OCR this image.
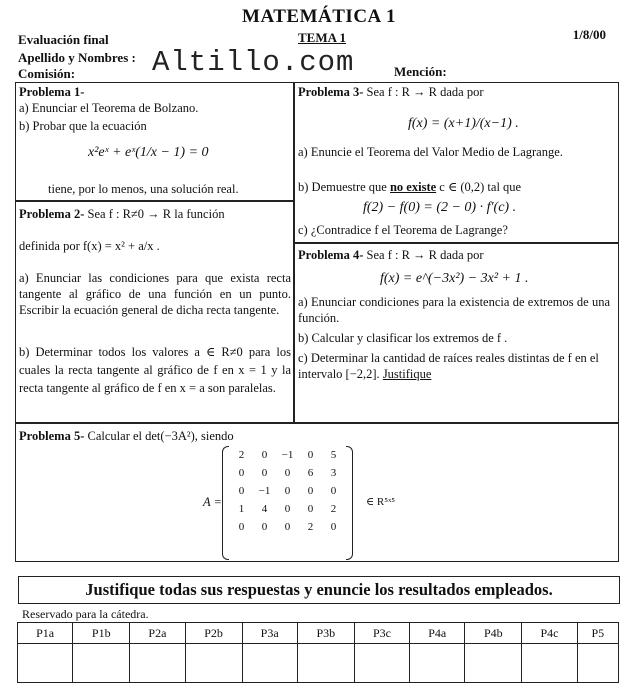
MATEMÁTICA 1
1/8/00
Evaluación final	TEMA 1
Apellido y Nombres :
Comisión:	Altillo.com	Mención:
Problema 1-
a) Enunciar el Teorema de Bolzano.
b) Probar que la ecuación
x²eˣ + eˣ(1/x − 1) = 0
tiene, por lo menos, una solución real.
Problema 2- Sea f : R≠0 → R la función
definida por f(x) = x² + a/x .
a) Enunciar las condiciones para que exista recta tangente al gráfico de una función en un punto. Escribir la ecuación general de dicha recta tangente.
b) Determinar todos los valores a ∈ R≠0 para los cuales la recta tangente al gráfico de f en x = 1 y la recta tangente al gráfico de f en x = a son paralelas.
Problema 3- Sea f : R → R dada por
f(x) = (x+1)/(x−1) .
a) Enuncie el Teorema del Valor Medio de Lagrange.
b) Demuestre que no existe c ∈ (0,2) tal que
f(2) − f(0) = (2 − 0) · f′(c) .
c) ¿Contradice f el Teorema de Lagrange?
Problema 4- Sea f : R → R dada por
f(x) = e^(−3x²) − 3x² + 1 .
a) Enunciar condiciones para la existencia de extremos de una función.
b) Calcular y clasificar los extremos de f .
c) Determinar la cantidad de raíces reales distintas de f en el intervalo [−2,2]. Justifique
Problema 5- Calcular el det(−3A²), siendo
A =
2	0	−1	0	5
0	0	0	6	3
0	−1	0	0	0
1	4	0	0	2
0	0	0	2	0
∈ R⁵ˣ⁵
Justifique todas sus respuestas y enuncie los resultados empleados.
Reservado para la cátedra.
P1a	P1b	P2a	P2b	P3a	P3b	P3c	P4a	P4b	P4c	P5
